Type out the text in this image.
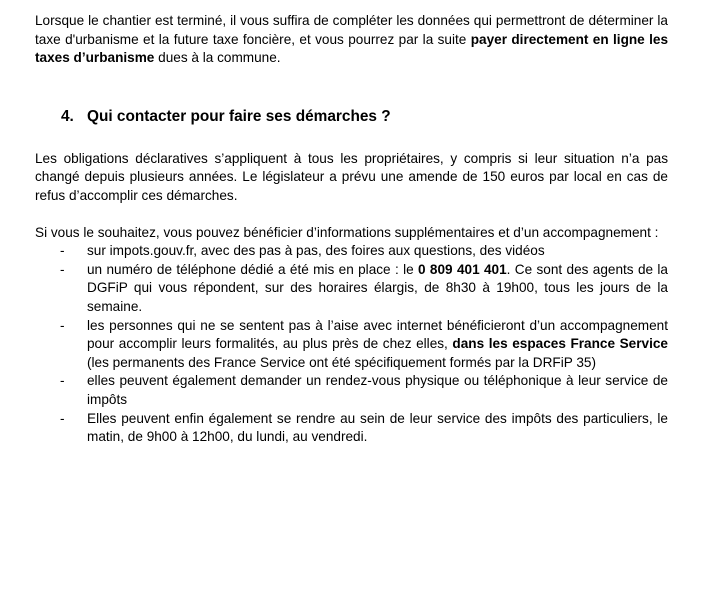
Lorsque le chantier est terminé, il vous suffira de compléter les données qui permettront de déterminer la taxe d'urbanisme et la future taxe foncière, et vous pourrez par la suite payer directement en ligne les taxes d’urbanisme dues à la commune.

4. Qui contacter pour faire ses démarches ?

Les obligations déclaratives s’appliquent à tous les propriétaires, y compris si leur situation n’a pas changé depuis plusieurs années. Le législateur a prévu une amende de 150 euros par local en cas de refus d’accomplir ces démarches.

Si vous le souhaitez, vous pouvez bénéficier d’informations supplémentaires et d’un accompagnement :

- sur impots.gouv.fr, avec des pas à pas, des foires aux questions, des vidéos
- un numéro de téléphone dédié a été mis en place : le 0 809 401 401. Ce sont des agents de la DGFiP qui vous répondent, sur des horaires élargis, de 8h30 à 19h00, tous les jours de la semaine.
- les personnes qui ne se sentent pas à l’aise avec internet bénéficieront d’un accompagnement pour accomplir leurs formalités, au plus près de chez elles, dans les espaces France Service (les permanents des France Service ont été spécifiquement formés par la DRFiP 35)
- elles peuvent également demander un rendez-vous physique ou téléphonique à leur service de impôts
- Elles peuvent enfin également se rendre au sein de leur service des impôts des particuliers, le matin, de 9h00 à 12h00, du lundi, au vendredi.
